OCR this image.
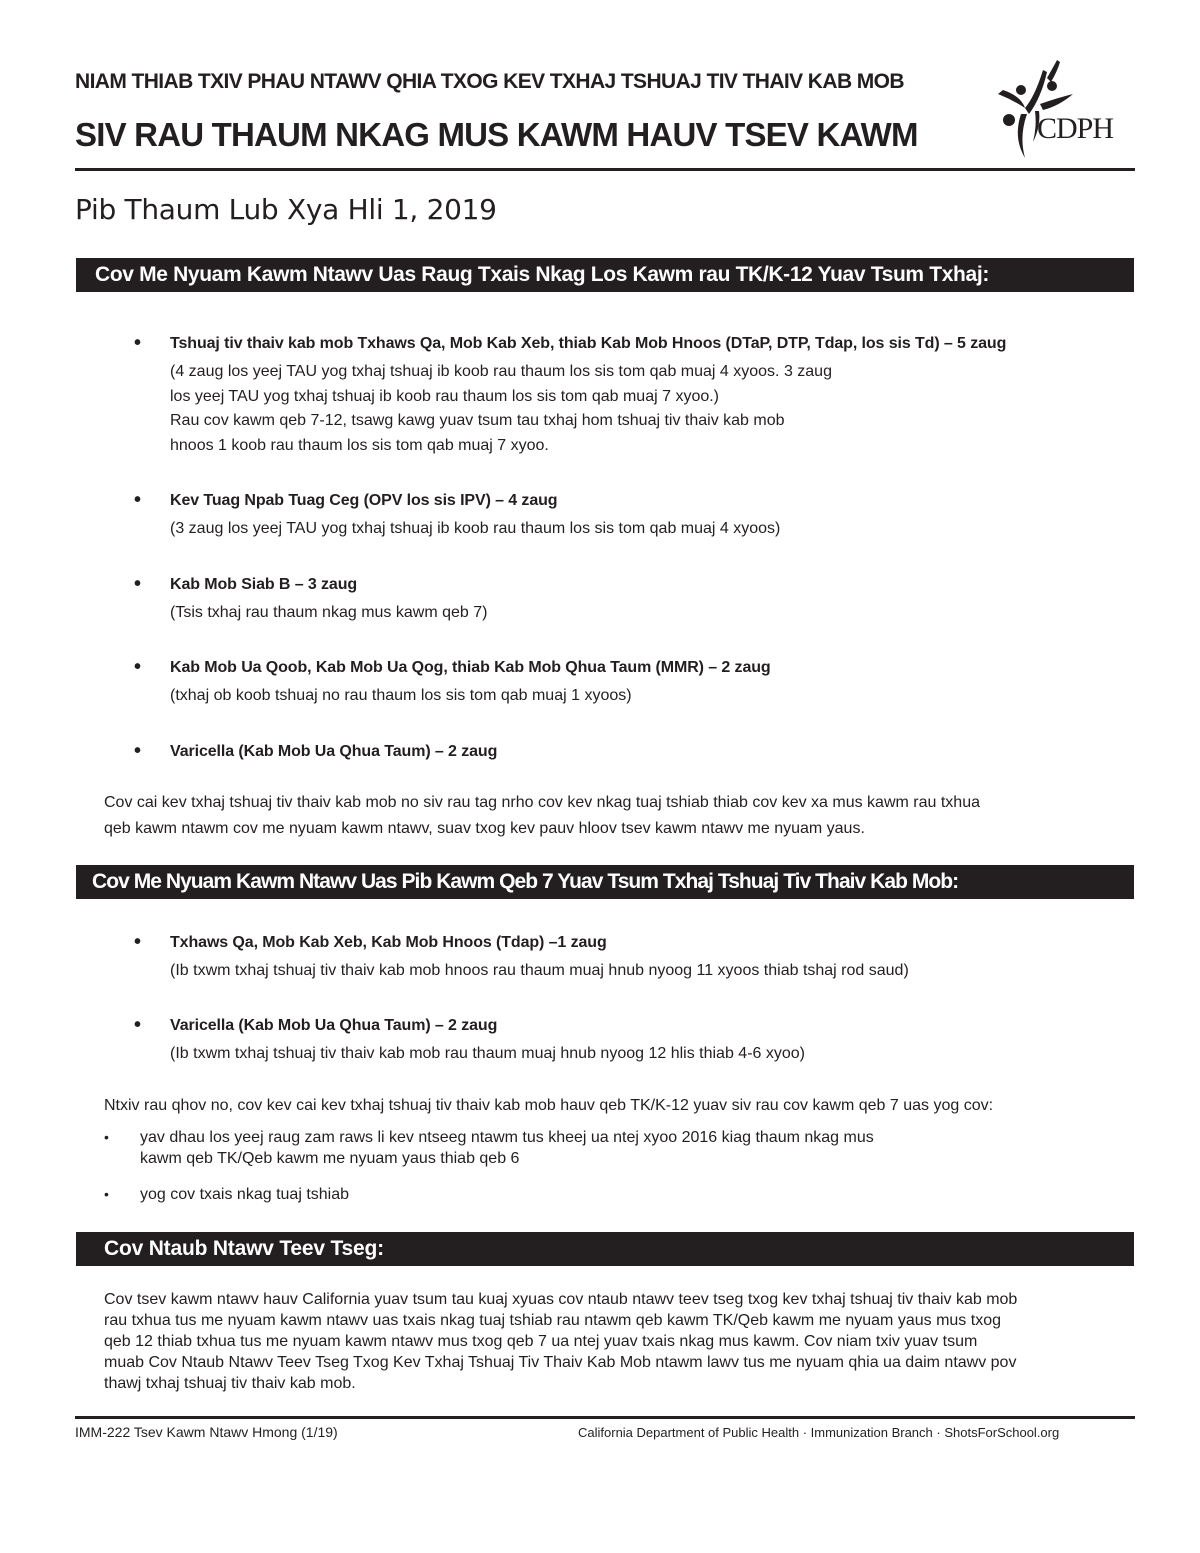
NIAM THIAB TXIV PHAU NTAWV QHIA TXOG KEV TXHAJ TSHUAJ TIV THAIV KAB MOB
SIV RAU THAUM NKAG MUS KAWM HAUV TSEV KAWM	CDPH
Pib Thaum Lub Xya Hli 1, 2019
Cov Me Nyuam Kawm Ntawv Uas Raug Txais Nkag Los Kawm rau TK/K-12 Yuav Tsum Txhaj:
• Tshuaj tiv thaiv kab mob Txhaws Qa, Mob Kab Xeb, thiab Kab Mob Hnoos (DTaP, DTP, Tdap, los sis Td) – 5 zaug
(4 zaug los yeej TAU yog txhaj tshuaj ib koob rau thaum los sis tom qab muaj 4 xyoos. 3 zaug
los yeej TAU yog txhaj tshuaj ib koob rau thaum los sis tom qab muaj 7 xyoo.)
Rau cov kawm qeb 7-12, tsawg kawg yuav tsum tau txhaj hom tshuaj tiv thaiv kab mob
hnoos 1 koob rau thaum los sis tom qab muaj 7 xyoo.
• Kev Tuag Npab Tuag Ceg (OPV los sis IPV) – 4 zaug
(3 zaug los yeej TAU yog txhaj tshuaj ib koob rau thaum los sis tom qab muaj 4 xyoos)
• Kab Mob Siab B – 3 zaug
(Tsis txhaj rau thaum nkag mus kawm qeb 7)
• Kab Mob Ua Qoob, Kab Mob Ua Qog, thiab Kab Mob Qhua Taum (MMR) – 2 zaug
(txhaj ob koob tshuaj no rau thaum los sis tom qab muaj 1 xyoos)
• Varicella (Kab Mob Ua Qhua Taum) – 2 zaug
Cov cai kev txhaj tshuaj tiv thaiv kab mob no siv rau tag nrho cov kev nkag tuaj tshiab thiab cov kev xa mus kawm rau txhua
qeb kawm ntawm cov me nyuam kawm ntawv, suav txog kev pauv hloov tsev kawm ntawv me nyuam yaus.
Cov Me Nyuam Kawm Ntawv Uas Pib Kawm Qeb 7 Yuav Tsum Txhaj Tshuaj Tiv Thaiv Kab Mob:
• Txhaws Qa, Mob Kab Xeb, Kab Mob Hnoos (Tdap) –1 zaug
(Ib txwm txhaj tshuaj tiv thaiv kab mob hnoos rau thaum muaj hnub nyoog 11 xyoos thiab tshaj rod saud)
• Varicella (Kab Mob Ua Qhua Taum) – 2 zaug
(Ib txwm txhaj tshuaj tiv thaiv kab mob rau thaum muaj hnub nyoog 12 hlis thiab 4-6 xyoo)
Ntxiv rau qhov no, cov kev cai kev txhaj tshuaj tiv thaiv kab mob hauv qeb TK/K-12 yuav siv rau cov kawm qeb 7 uas yog cov:
• yav dhau los yeej raug zam raws li kev ntseeg ntawm tus kheej ua ntej xyoo 2016 kiag thaum nkag mus
kawm qeb TK/Qeb kawm me nyuam yaus thiab qeb 6
• yog cov txais nkag tuaj tshiab
Cov Ntaub Ntawv Teev Tseg:
Cov tsev kawm ntawv hauv California yuav tsum tau kuaj xyuas cov ntaub ntawv teev tseg txog kev txhaj tshuaj tiv thaiv kab mob
rau txhua tus me nyuam kawm ntawv uas txais nkag tuaj tshiab rau ntawm qeb kawm TK/Qeb kawm me nyuam yaus mus txog
qeb 12 thiab txhua tus me nyuam kawm ntawv mus txog qeb 7 ua ntej yuav txais nkag mus kawm. Cov niam txiv yuav tsum
muab Cov Ntaub Ntawv Teev Tseg Txog Kev Txhaj Tshuaj Tiv Thaiv Kab Mob ntawm lawv tus me nyuam qhia ua daim ntawv pov
thawj txhaj tshuaj tiv thaiv kab mob.
IMM-222 Tsev Kawm Ntawv Hmong (1/19)	California Department of Public Health · Immunization Branch · ShotsForSchool.org
